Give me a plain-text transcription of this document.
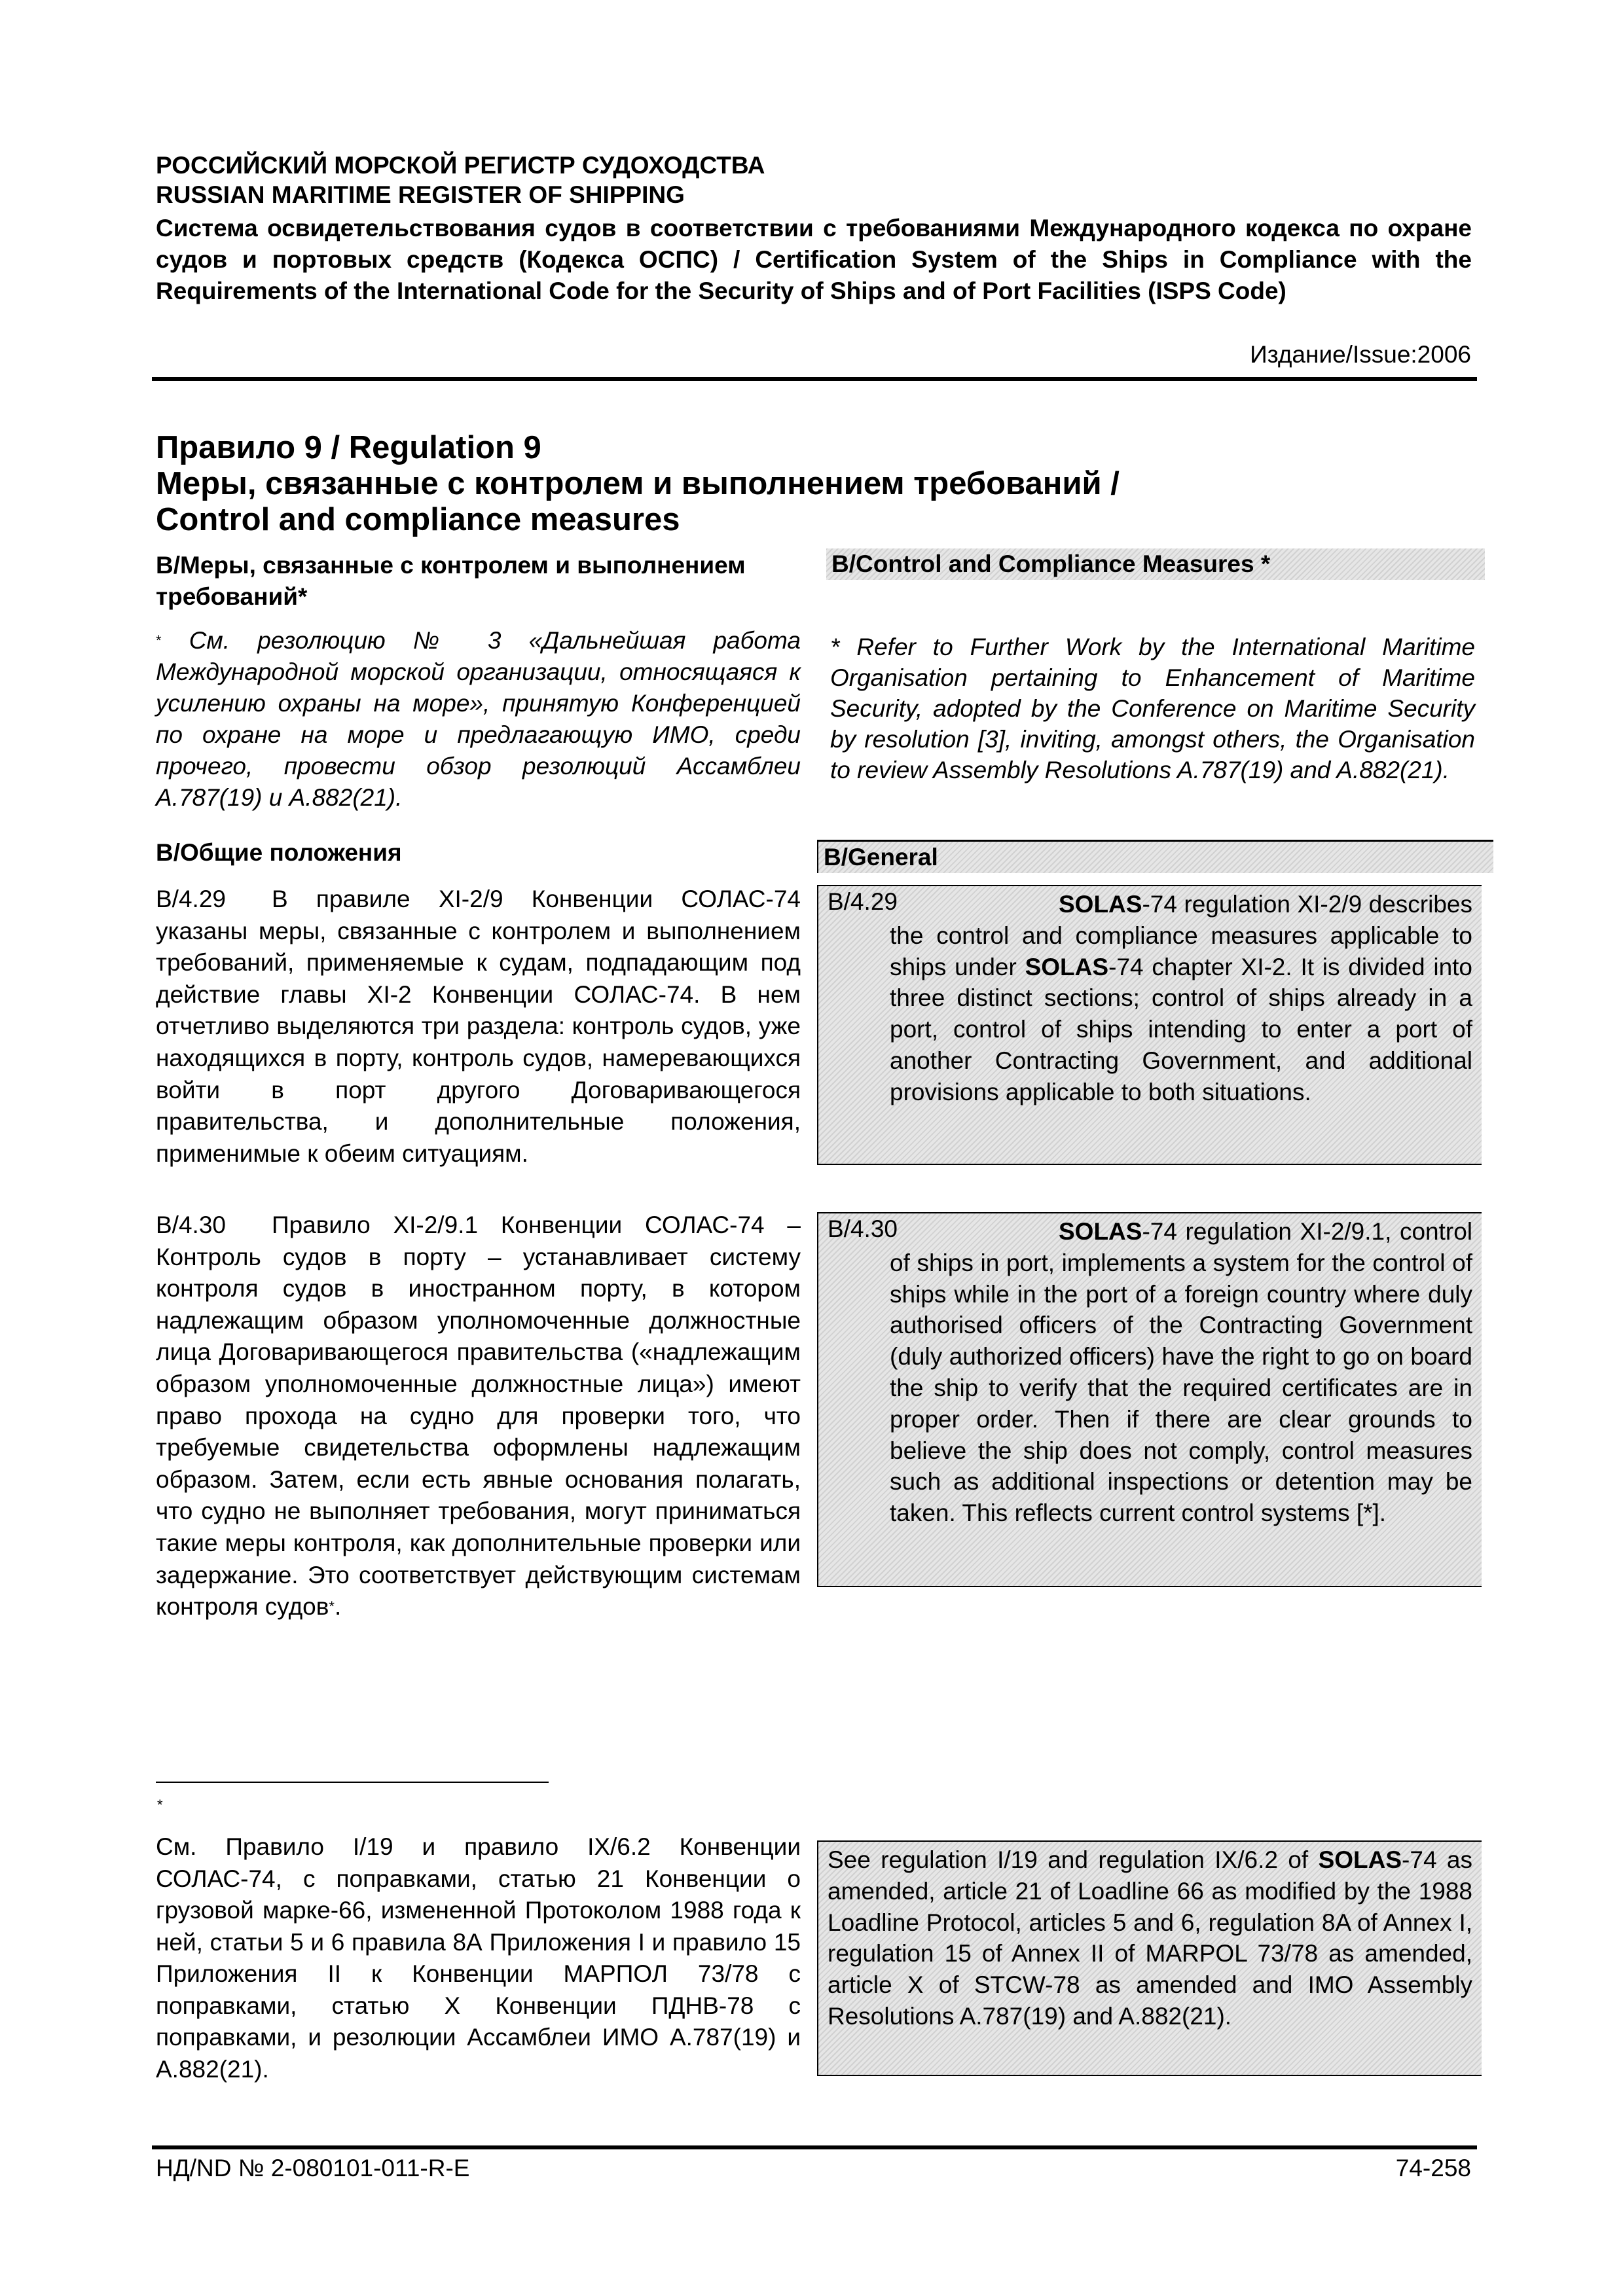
РОССИЙСКИЙ МОРСКОЙ РЕГИСТР СУДОХОДСТВА
RUSSIAN MARITIME REGISTER OF SHIPPING
Система освидетельствования судов в соответствии с требованиями Международного кодекса по охране судов и портовых средств (Кодекса ОСПС) / Certification System of the Ships in Compliance with the Requirements of the International Code for the Security of Ships and of Port Facilities (ISPS Code)
Издание/Issue:2006
Правило 9 / Regulation 9
Меры, связанные с контролем и выполнением требований /
Control and compliance measures
B/Меры, связанные с контролем и выполнением требований*
B/Control and Compliance Measures *
* См. резолюцию № 3 «Дальнейшая работа Международной морской организации, относящаяся к усилению охраны на море», принятую Конференцией по охране на море и предлагающую ИМО, среди прочего, провести обзор резолюций Ассамблеи А.787(19) и А.882(21).
* Refer to Further Work by the International Maritime Organisation pertaining to Enhancement of Maritime Security, adopted by the Conference on Maritime Security by resolution [3], inviting, amongst others, the Organisation to review Assembly Resolutions A.787(19) and A.882(21).
B/Общие положения	B/General
B/4.29 В правиле XI-2/9 Конвенции СОЛАС-74 указаны меры, связанные с контролем и выполнением требований, применяемые к судам, подпадающим под действие главы XI-2 Конвенции СОЛАС-74. В нем отчетливо выделяются три раздела: контроль судов, уже находящихся в порту, контроль судов, намеревающихся войти в порт другого Договаривающегося правительства, и дополнительные положения, применимые к обеим ситуациям.
B/4.29	SOLAS-74 regulation XI-2/9 describes the control and compliance measures applicable to ships under SOLAS-74 chapter XI-2. It is divided into three distinct sections; control of ships already in a port, control of ships intending to enter a port of another Contracting Government, and additional provisions applicable to both situations.
B/4.30 Правило XI-2/9.1 Конвенции СОЛАС-74 – Контроль судов в порту – устанавливает систему контроля судов в иностранном порту, в котором надлежащим образом уполномоченные должностные лица Договаривающегося правительства («надлежащим образом уполномоченные должностные лица») имеют право прохода на судно для проверки того, что требуемые свидетельства оформлены надлежащим образом. Затем, если есть явные основания полагать, что судно не выполняет требования, могут приниматься такие меры контроля, как дополнительные проверки или задержание. Это соответствует действующим системам контроля судов*.
B/4.30	SOLAS-74 regulation XI-2/9.1, control of ships in port, implements a system for the control of ships while in the port of a foreign country where duly authorised officers of the Contracting Government (duly authorized officers) have the right to go on board the ship to verify that the required certificates are in proper order. Then if there are clear grounds to believe the ship does not comply, control measures such as additional inspections or detention may be taken. This reflects current control systems [*].
*
См. Правило I/19 и правило IX/6.2 Конвенции СОЛАС-74, с поправками, статью 21 Конвенции о грузовой марке-66, измененной Протоколом 1988 года к ней, статьи 5 и 6 правила 8А Приложения I и правило 15 Приложения II к Конвенции МАРПОЛ 73/78 с поправками, статью X Конвенции ПДНВ-78 с поправками, и резолюции Ассамблеи ИМО А.787(19) и А.882(21).
See regulation I/19 and regulation IX/6.2 of SOLAS-74 as amended, article 21 of Loadline 66 as modified by the 1988 Loadline Protocol, articles 5 and 6, regulation 8A of Annex I, regulation 15 of Annex II of MARPOL 73/78 as amended, article X of STCW-78 as amended and IMO Assembly Resolutions A.787(19) and A.882(21).
НД/ND № 2-080101-011-R-E	74-258
